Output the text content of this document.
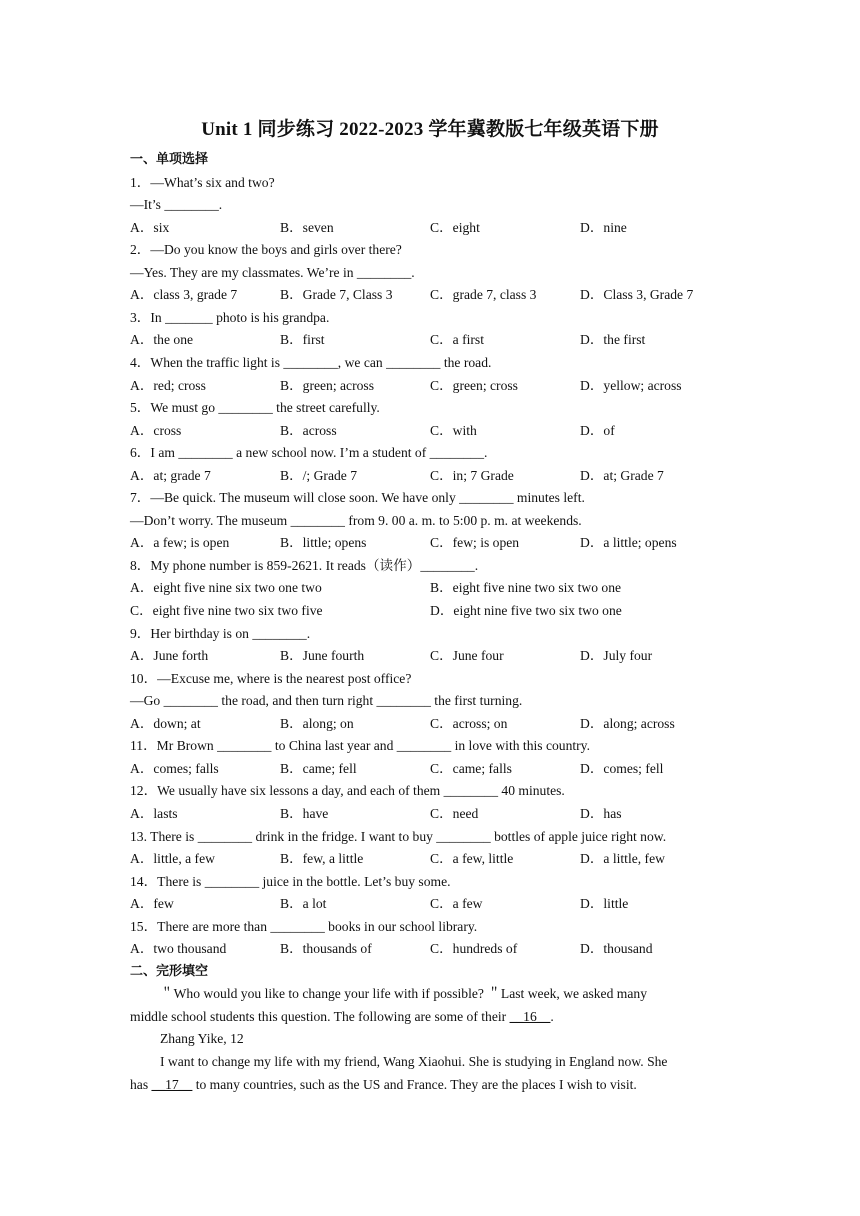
Unit 1 同步练习 2022-2023 学年冀教版七年级英语下册
一、单项选择
1．—What’s six and two?
—It’s ________.
A．six	B．seven	C．eight	D．nine
2．—Do you know the boys and girls over there?
—Yes. They are my classmates. We’re in ________.
A．class 3, grade 7	B．Grade 7, Class 3	C．grade 7, class 3	D．Class 3, Grade 7
3．In _______ photo is his grandpa.
A．the one	B．first	C．a first	D．the first
4．When the traffic light is ________, we can ________ the road.
A．red; cross	B．green; across	C．green; cross	D．yellow; across
5．We must go ________ the street carefully.
A．cross	B．across	C．with	D．of
6．I am ________ a new school now. I’m a student of ________.
A．at; grade 7	B．/; Grade 7	C．in; 7 Grade	D．at; Grade 7
7．—Be quick. The museum will close soon. We have only ________ minutes left.
—Don’t worry. The museum ________ from 9. 00 a. m. to 5:00 p. m. at weekends.
A．a few; is open	B．little; opens	C．few; is open	D．a little; opens
8．My phone number is 859-2621. It reads（读作）________.
A．eight five nine six two one two	B．eight five nine two six two one
C．eight five nine two six two five	D．eight nine five two six two one
9．Her birthday is on ________.
A．June forth	B．June fourth	C．June four	D．July four
10．—Excuse me, where is the nearest post office?
—Go ________ the road, and then turn right ________ the first turning.
A．down; at	B．along; on	C．across; on	D．along; across
11．Mr Brown ________ to China last year and ________ in love with this country.
A．comes; falls	B．came; fell	C．came; falls	D．comes; fell
12．We usually have six lessons a day, and each of them ________ 40 minutes.
A．lasts	B．have	C．need	D．has
13. There is ________ drink in the fridge. I want to buy ________ bottles of apple juice right now.
A．little, a few	B．few, a little	C．a few, little	D．a little, few
14．There is ________ juice in the bottle. Let’s buy some.
A．few	B．a lot	C．a few	D．little
15．There are more than ________ books in our school library.
A．two thousand	B．thousands of	C．hundreds of	D．thousand
二、完形填空
＂Who would you like to change your life with if possible? ＂Last week, we asked many
middle school students this question. The following are some of their __16__.
Zhang Yike, 12
I want to change my life with my friend, Wang Xiaohui. She is studying in England now. She
has __17__ to many countries, such as the US and France. They are the places I wish to visit.
